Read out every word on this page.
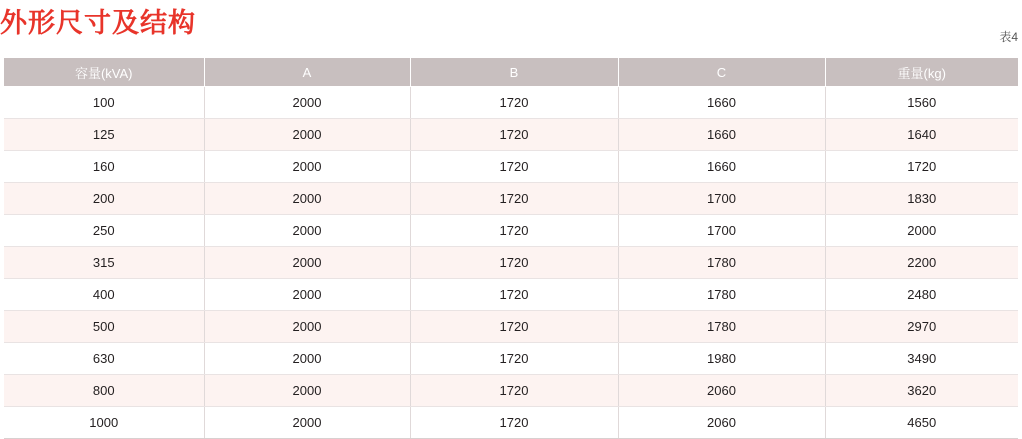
外形尺寸及结构	表4
容量(kVA)	A	B	C	重量(kg)
100	2000	1720	1660	1560
125	2000	1720	1660	1640
160	2000	1720	1660	1720
200	2000	1720	1700	1830
250	2000	1720	1700	2000
315	2000	1720	1780	2200
400	2000	1720	1780	2480
500	2000	1720	1780	2970
630	2000	1720	1980	3490
800	2000	1720	2060	3620
1000	2000	1720	2060	4650
